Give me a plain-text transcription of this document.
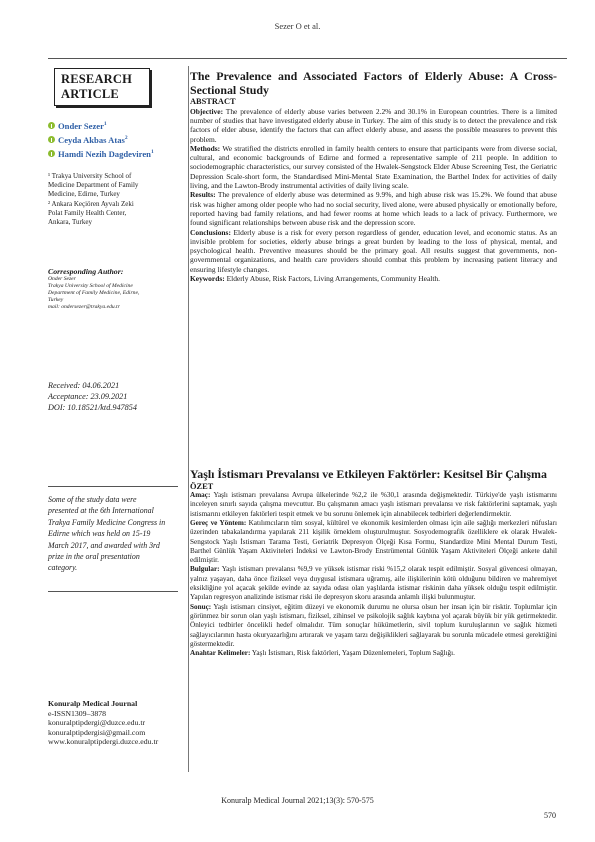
Sezer O et al.
RESEARCH
ARTICLE
Onder Sezer$^1$
Ceyda Akbas Atas$^2$
Hamdi Nezih Dagdeviren$^1$
¹ Trakya University School of Medicine Department of Family Medicine, Edirne, Turkey
² Ankara Keçiören Ayvalı Zeki Polat Family Health Center, Ankara, Turkey
Corresponding Author:
Onder Sezer
Trakya University School of Medicine
Department of Family Medicine, Edirne,
Turkey
mail: ondersezer@trakya.edu.tr
Received: 04.06.2021
Acceptance: 23.09.2021
DOI: 10.18521/ktd.947854
Some of the study data were presented at the 6th International Trakya Family Medicine Congress in Edirne which was held on 15-19 March 2017, and awarded with 3rd prize in the oral presentation category.
Konuralp Medical Journal
e-ISSN1309–3878
konuralptipdergi@duzce.edu.tr
konuralptipdergisi@gmail.com
www.konuralptipdergi.duzce.edu.tr
The Prevalence and Associated Factors of Elderly Abuse: A Cross-Sectional Study
ABSTRACT

Objective: The prevalence of elderly abuse varies between 2.2% and 30.1% in European countries. There is a limited number of studies that have investigated elderly abuse in Turkey. The aim of this study is to detect the prevalence and risk factors of elder abuse, identify the factors that can affect elderly abuse, and assess the possible measures to prevent this problem.

Methods: We stratified the districts enrolled in family health centers to ensure that participants were from diverse social, cultural, and economic backgrounds of Edirne and formed a representative sample of 211 people. In addition to sociodemographic characteristics, our survey consisted of the Hwalek-Sengstock Elder Abuse Screening Test, the Geriatric Depression Scale-short form, the Standardised Mini-Mental State Examination, the Barthel Index for activities of daily living, and the Lawton-Brody instrumental activities of daily living scale.

Results: The prevalence of elderly abuse was determined as 9.9%, and high abuse risk was 15.2%. We found that abuse risk was higher among older people who had no social security, lived alone, were abused physically or emotionally before, reported having bad family relations, and had fewer rooms at home which leads to a lack of privacy. Furthermore, we found significant relationships between abuse risk and the depression score.

Conclusions: Elderly abuse is a risk for every person regardless of gender, education level, and economic status. As an invisible problem for societies, elderly abuse brings a great burden by leading to the loss of physical, mental, and psychological health. Preventive measures should be the primary goal. All results suggest that governments, non-governmental organizations, and health care providers should combat this problem by increasing patient literacy and ensuring lifestyle changes.

Keywords: Elderly Abuse, Risk Factors, Living Arrangements, Community Health.

Yaşlı İstismarı Prevalansı ve Etkileyen Faktörler: Kesitsel Bir Çalışma
ÖZET

Amaç: Yaşlı istismarı prevalansı Avrupa ülkelerinde %2,2 ile %30,1 arasında değişmektedir. Türkiye'de yaşlı istismarını inceleyen sınırlı sayıda çalışma mevcuttur. Bu çalışmanın amacı yaşlı istismarı prevalansı ve risk faktörlerini saptamak, yaşlı istismarını etkileyen faktörleri tespit etmek ve bu sorunu önlemek için alınabilecek tedbirleri değerlendirmektir.

Gereç ve Yöntem: Katılımcıların tüm sosyal, kültürel ve ekonomik kesimlerden olması için aile sağlığı merkezleri nüfusları üzerinden tabakalandırma yapılarak 211 kişilik örneklem oluşturulmuştur. Sosyodemografik özelliklere ek olarak Hwalek-Sengstock Yaşlı İstismarı Tarama Testi, Geriatrik Depresyon Ölçeği Kısa Formu, Standardize Mini Mental Durum Testi, Barthel Günlük Yaşam Aktiviteleri İndeksi ve Lawton-Brody Enstrümental Günlük Yaşam Aktiviteleri Ölçeği ankete dahil edilmiştir.

Bulgular: Yaşlı istismarı prevalansı %9,9 ve yüksek istismar riski %15,2 olarak tespit edilmiştir. Sosyal güvencesi olmayan, yalnız yaşayan, daha önce fiziksel veya duygusal istismara uğramış, aile ilişkilerinin kötü olduğunu bildiren ve mahremiyet eksikliğine yol açacak şekilde evinde az sayıda odası olan yaşlılarda istismar riskinin daha yüksek olduğu tespit edilmiştir. Yapılan regresyon analizinde istismar riski ile depresyon skoru arasında anlamlı ilişki bulunmuştur.

Sonuç: Yaşlı istismarı cinsiyet, eğitim düzeyi ve ekonomik durumu ne olursa olsun her insan için bir risktir. Toplumlar için görünmez bir sorun olan yaşlı istismarı, fiziksel, zihinsel ve psikolojik sağlık kaybına yol açarak büyük bir yük getirmektedir. Önleyici tedbirler öncelikli hedef olmalıdır. Tüm sonuçlar hükümetlerin, sivil toplum kuruluşlarının ve sağlık hizmeti sağlayıcılarının hasta okuryazarlığını artırarak ve yaşam tarzı değişiklikleri sağlayarak bu sorunla mücadele etmesi gerektiğini göstermektedir.

Anahtar Kelimeler: Yaşlı İstismarı, Risk faktörleri, Yaşam Düzenlemeleri, Toplum Sağlığı.

Konuralp Medical Journal 2021;13(3): 570-575
570
